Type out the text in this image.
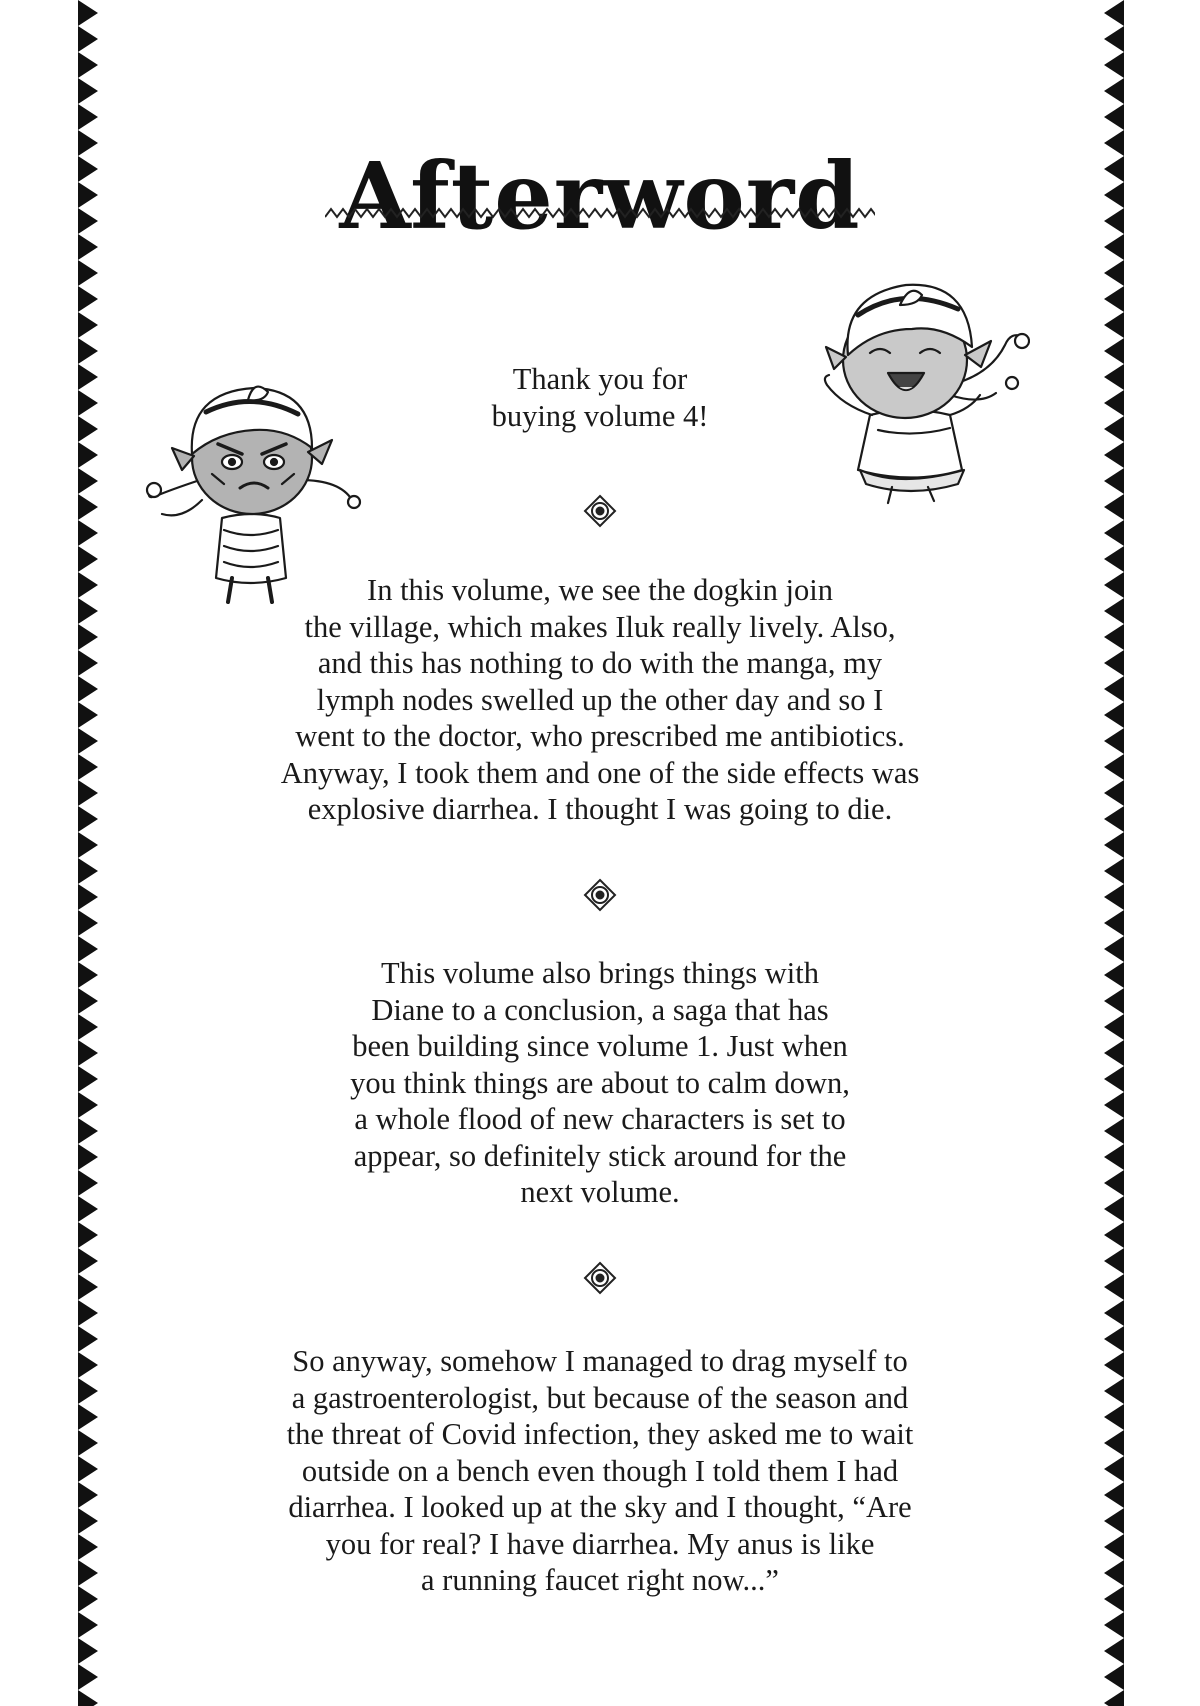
Afterword
Thank you for
buying volume 4!
In this volume, we see the dogkin join
the village, which makes Iluk really lively. Also,
and this has nothing to do with the manga, my
lymph nodes swelled up the other day and so I
went to the doctor, who prescribed me antibiotics.
Anyway, I took them and one of the side effects was
explosive diarrhea. I thought I was going to die.
This volume also brings things with
Diane to a conclusion, a saga that has
been building since volume 1. Just when
you think things are about to calm down,
a whole flood of new characters is set to
appear, so definitely stick around for the
next volume.
So anyway, somehow I managed to drag myself to
a gastroenterologist, but because of the season and
the threat of Covid infection, they asked me to wait
outside on a bench even though I told them I had
diarrhea. I looked up at the sky and I thought, “Are
you for real? I have diarrhea. My anus is like
a running faucet right now...”
